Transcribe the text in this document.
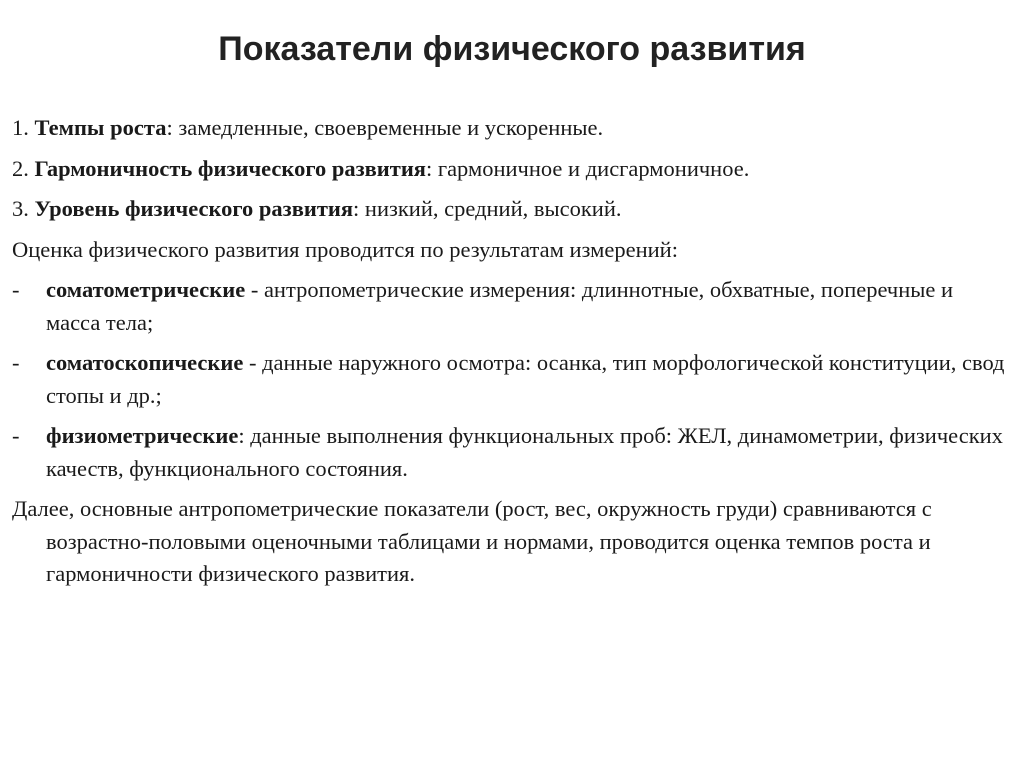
Показатели физического развития

1. Темпы роста: замедленные, своевременные и ускоренные.

2. Гармоничность физического развития: гармоничное и дисгармоничное.

3. Уровень физического развития: низкий, средний, высокий.

Оценка физического развития проводится по результатам измерений:

- соматометрические - антропометрические измерения: длиннотные, обхватные, поперечные и масса тела;
- соматоскопические - данные наружного осмотра: осанка, тип морфологической конституции, свод стопы и др.;
- физиометрические: данные выполнения функциональных проб: ЖЕЛ, динамометрии, физических качеств, функционального состояния.

Далее, основные антропометрические показатели (рост, вес, окружность груди) сравниваются с возрастно-половыми оценочными таблицами и нормами, проводится оценка темпов роста и гармоничности физического развития.
